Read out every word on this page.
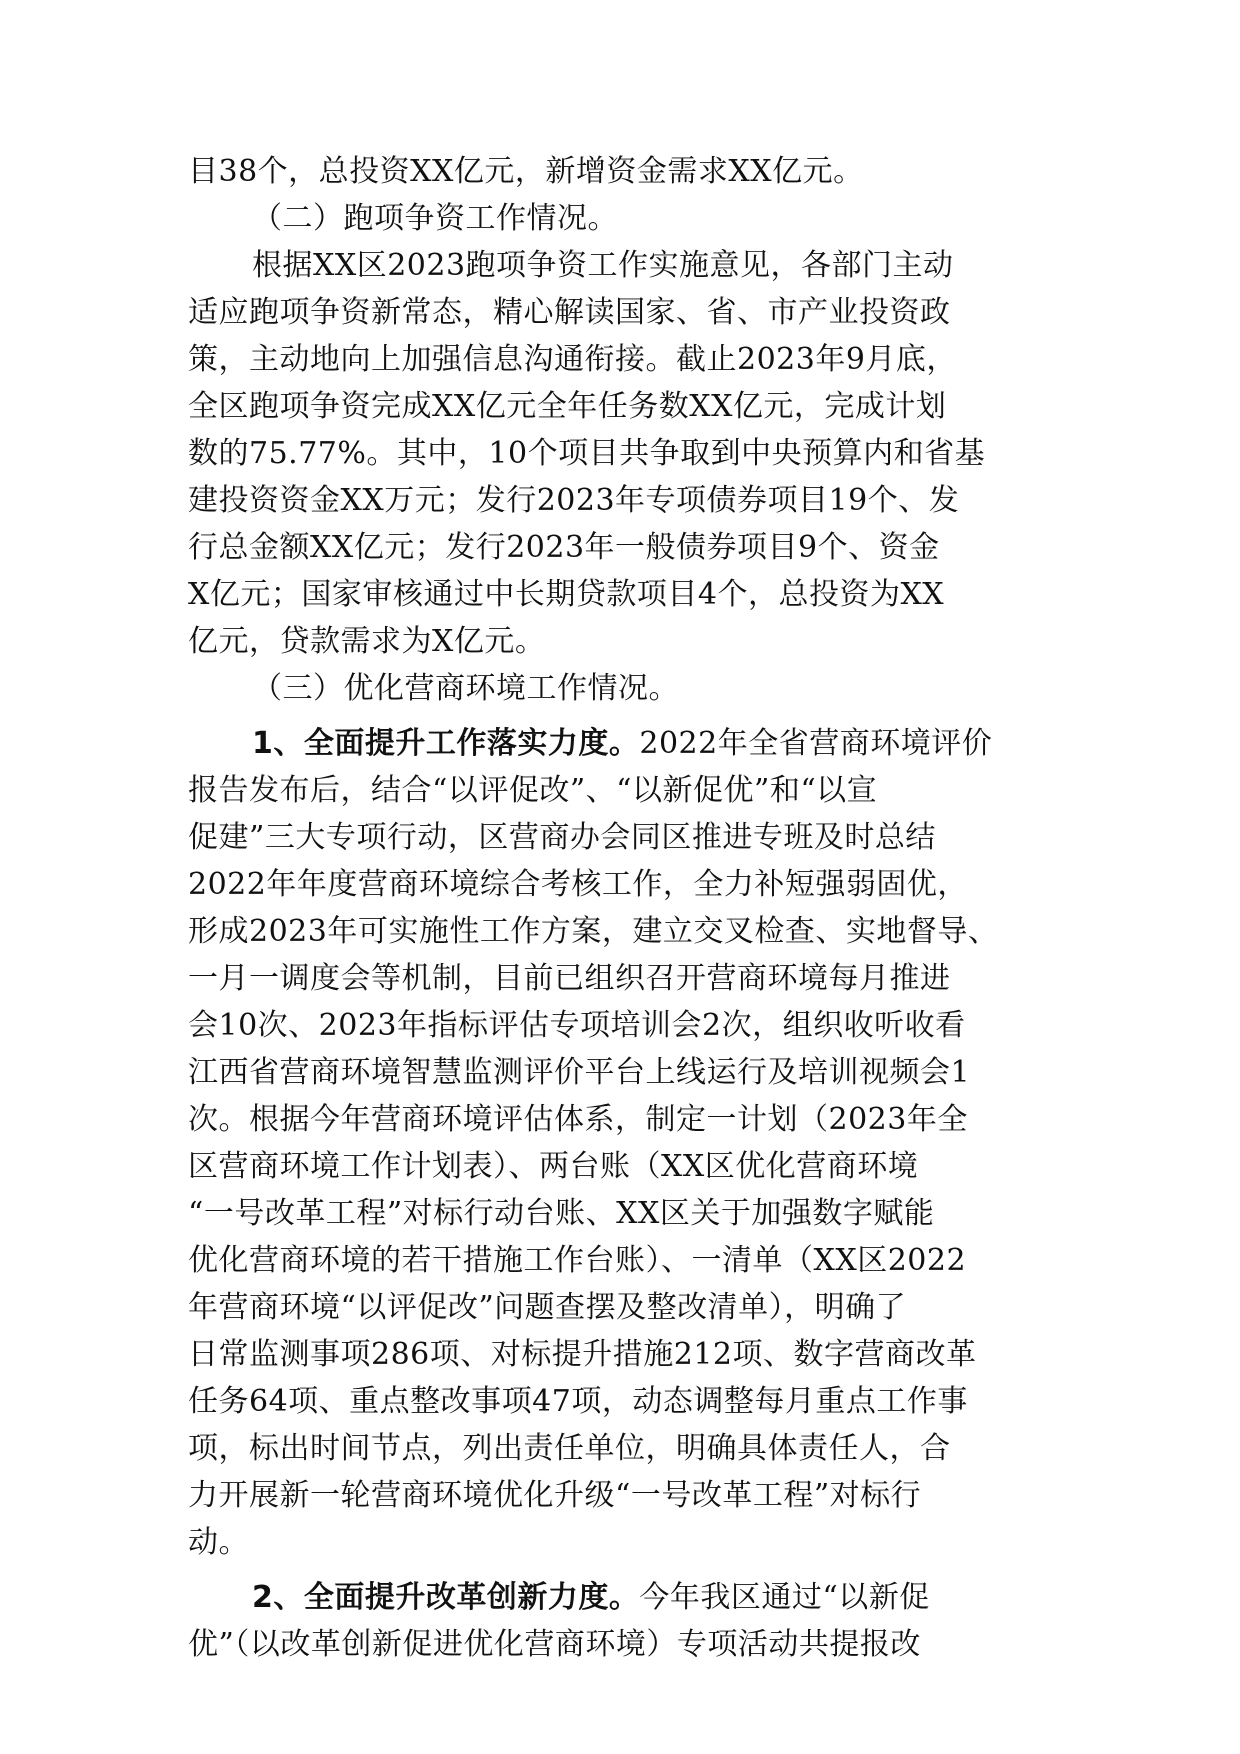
目38个，总投资XX亿元，新增资金需求XX亿元。
（二）跑项争资工作情况。
根据XX区2023跑项争资工作实施意见，各部门主动
适应跑项争资新常态，精心解读国家、省、市产业投资政
策，主动地向上加强信息沟通衔接。截止2023年9月底，
全区跑项争资完成XX亿元全年任务数XX亿元，完成计划
数的75.77%。其中，10个项目共争取到中央预算内和省基
建投资资金XX万元；发行2023年专项债券项目19个、发
行总金额XX亿元；发行2023年一般债券项目9个、资金
X亿元；国家审核通过中长期贷款项目4个，总投资为XX
亿元，贷款需求为X亿元。
（三）优化营商环境工作情况。
1、全面提升工作落实力度。2022年全省营商环境评价
报告发布后，结合“以评促改”、“以新促优”和“以宣
促建”三大专项行动，区营商办会同区推进专班及时总结
2022年年度营商环境综合考核工作，全力补短强弱固优，
形成2023年可实施性工作方案，建立交叉检查、实地督导、
一月一调度会等机制，目前已组织召开营商环境每月推进
会10次、2023年指标评估专项培训会2次，组织收听收看
江西省营商环境智慧监测评价平台上线运行及培训视频会1
次。根据今年营商环境评估体系，制定一计划（2023年全
区营商环境工作计划表）、两台账（XX区优化营商环境
“一号改革工程”对标行动台账、XX区关于加强数字赋能
优化营商环境的若干措施工作台账）、一清单（XX区2022
年营商环境“以评促改”问题查摆及整改清单），明确了
日常监测事项286项、对标提升措施212项、数字营商改革
任务64项、重点整改事项47项，动态调整每月重点工作事
项，标出时间节点，列出责任单位，明确具体责任人，合
力开展新一轮营商环境优化升级“一号改革工程”对标行
动。
2、全面提升改革创新力度。今年我区通过“以新促
优”（以改革创新促进优化营商环境）专项活动共提报改
